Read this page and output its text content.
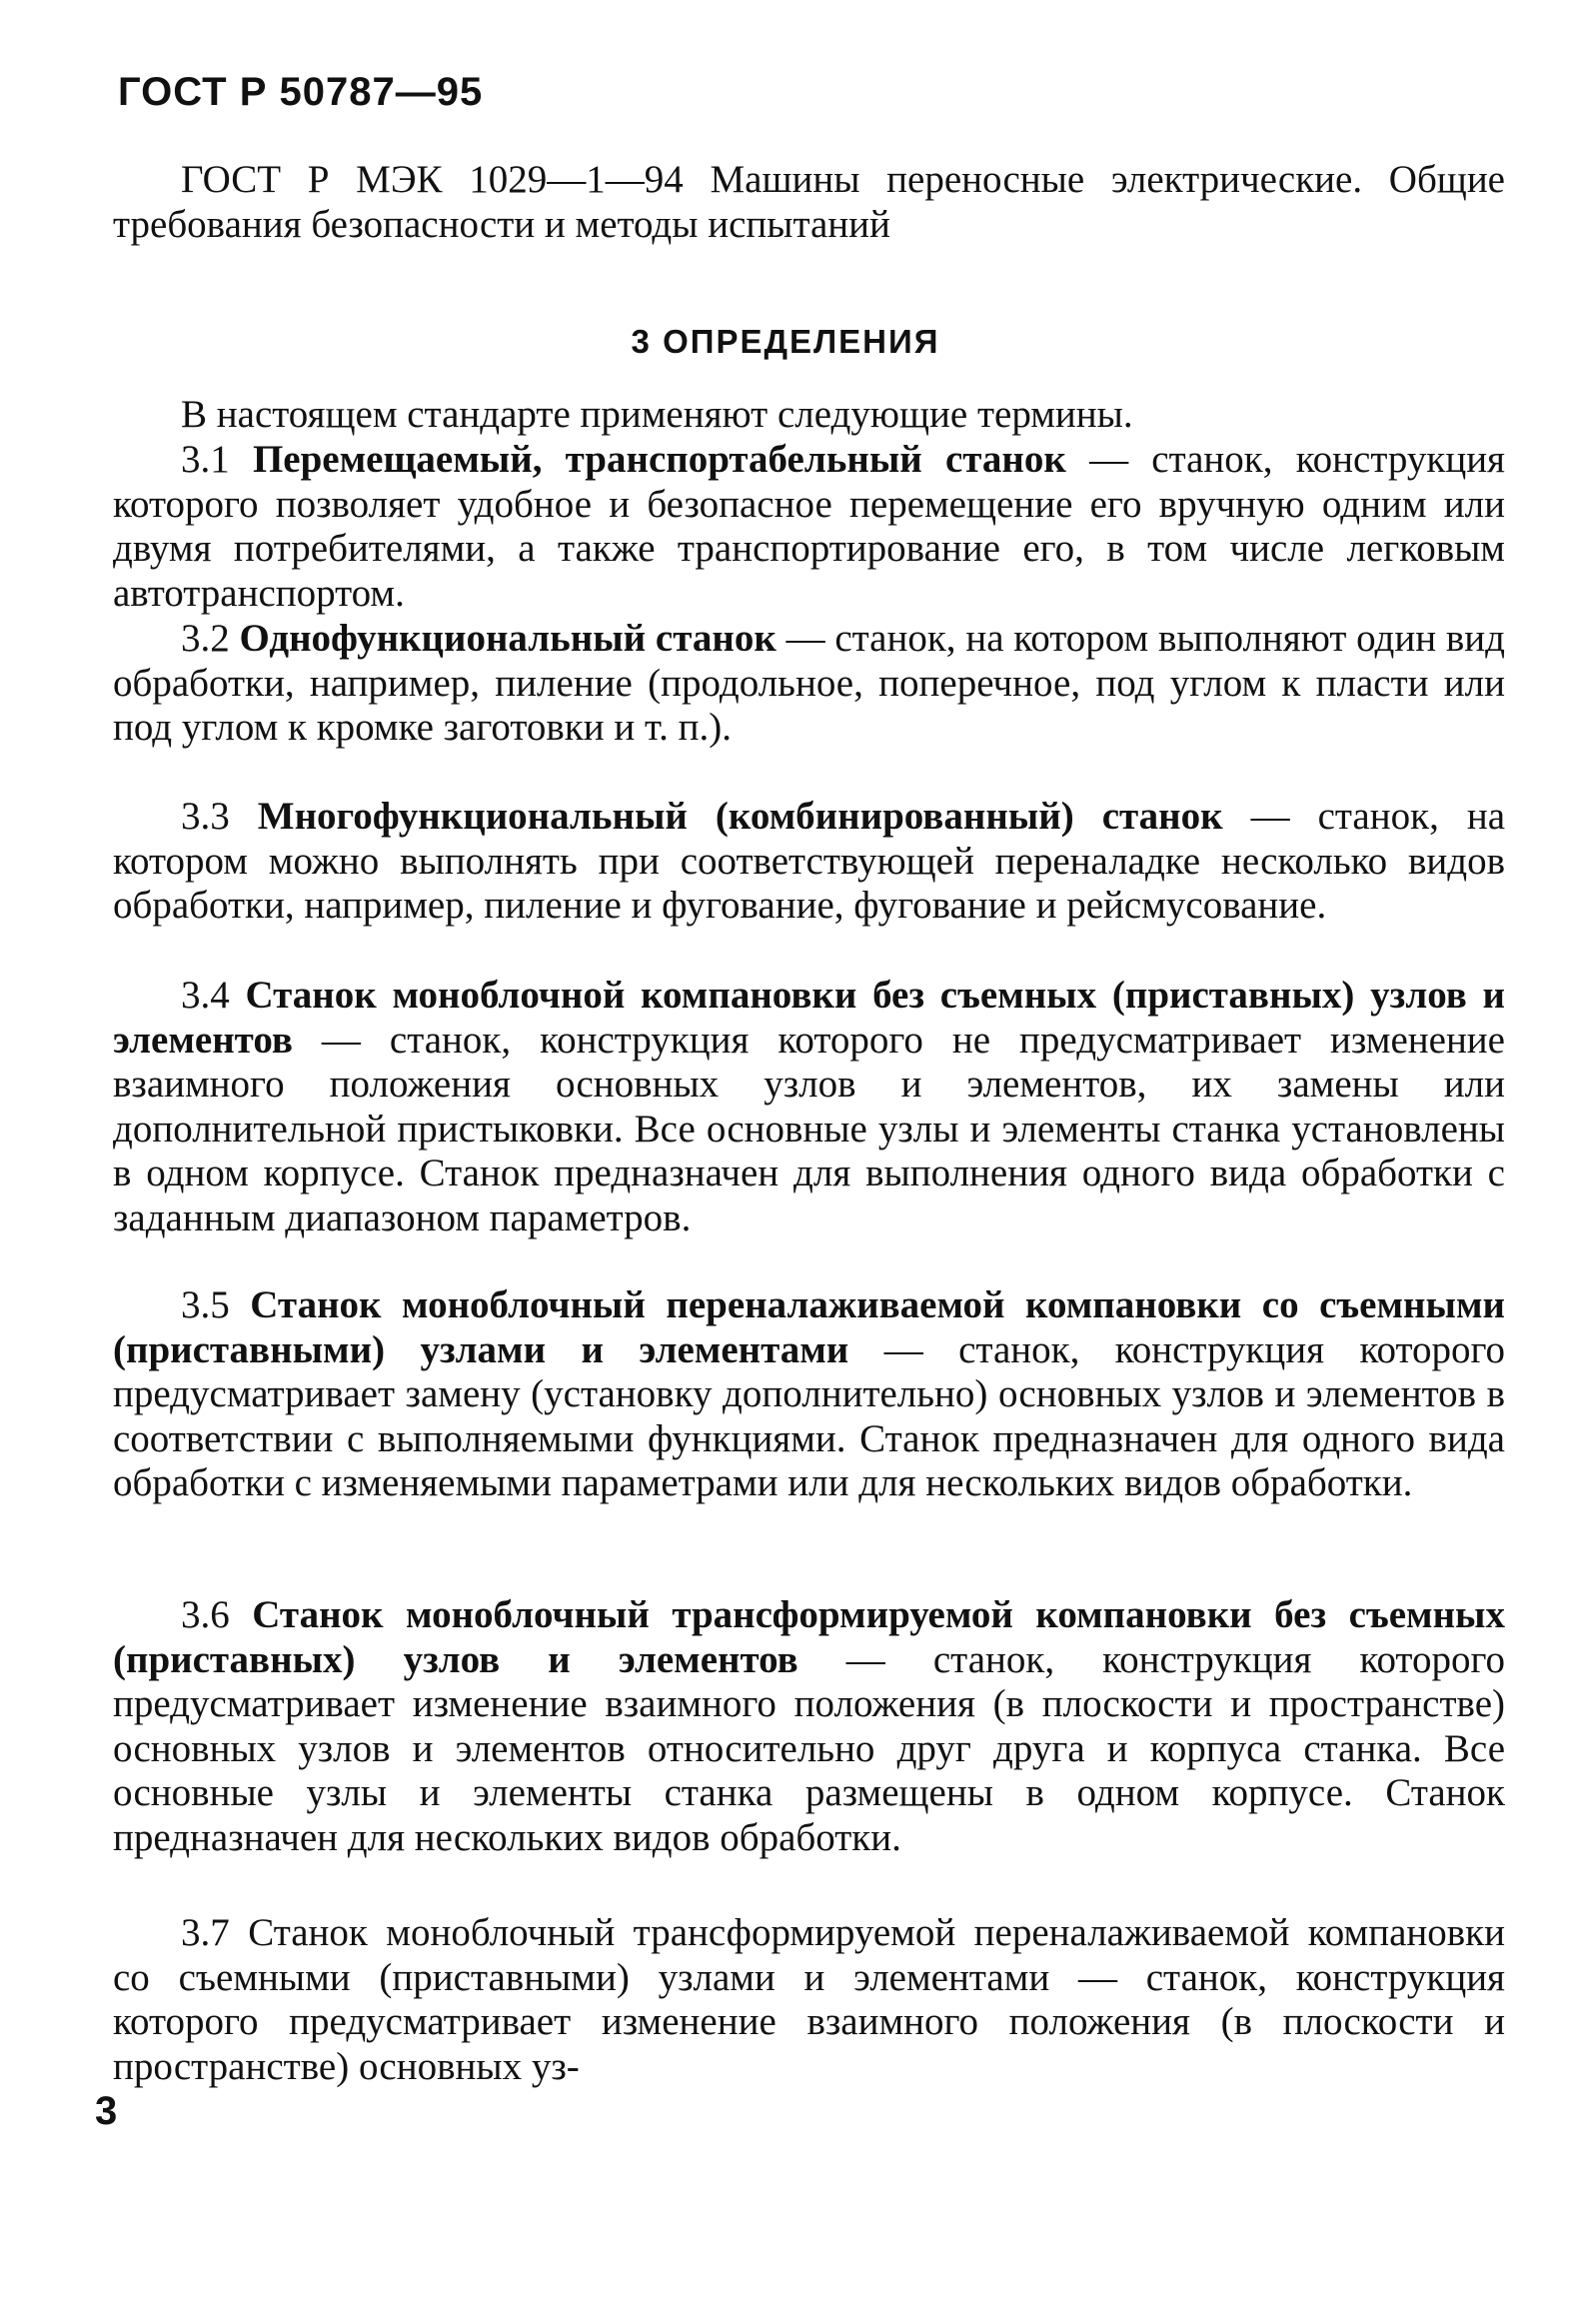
ГОСТ Р 50787—95

ГОСТ Р МЭК 1029—1—94 Машины переносные электрические. Общие требования безопасности и методы испытаний

3 ОПРЕДЕЛЕНИЯ

В настоящем стандарте применяют следующие термины.

3.1 Перемещаемый, транспортабельный станок — станок, конструкция которого позволяет удобное и безопасное перемещение его вручную одним или двумя потребителями, а также транспортирование его, в том числе легковым автотранспортом.

3.2 Однофункциональный станок — станок, на котором выполняют один вид обработки, например, пиление (продольное, поперечное, под углом к пласти или под углом к кромке заготовки и т. п.).

3.3 Многофункциональный (комбинированный) станок — станок, на котором можно выполнять при соответствующей переналадке несколько видов обработки, например, пиление и фугование, фугование и рейсмусование.

3.4 Станок моноблочной компановки без съемных (приставных) узлов и элементов — станок, конструкция которого не предусматривает изменение взаимного положения основных узлов и элементов, их замены или дополнительной пристыковки. Все основные узлы и элементы станка установлены в одном корпусе. Станок предназначен для выполнения одного вида обработки с заданным диапазоном параметров.

3.5 Станок моноблочный переналаживаемой компановки со съемными (приставными) узлами и элементами — станок, конструкция которого предусматривает замену (установку дополнительно) основных узлов и элементов в соответствии с выполняемыми функциями. Станок предназначен для одного вида обработки с изменяемыми параметрами или для нескольких видов обработки.

3.6 Станок моноблочный трансформируемой компановки без съемных (приставных) узлов и элементов — станок, конструкция которого предусматривает изменение взаимного положения (в плоскости и пространстве) основных узлов и элементов относительно друг друга и корпуса станка. Все основные узлы и элементы станка размещены в одном корпусе. Станок предназначен для нескольких видов обработки.

3.7 Станок моноблочный трансформируемой переналаживаемой компановки со съемными (приставными) узлами и элементами — станок, конструкция которого предусматривает изменение взаимного положения (в плоскости и пространстве) основных уз-

3
